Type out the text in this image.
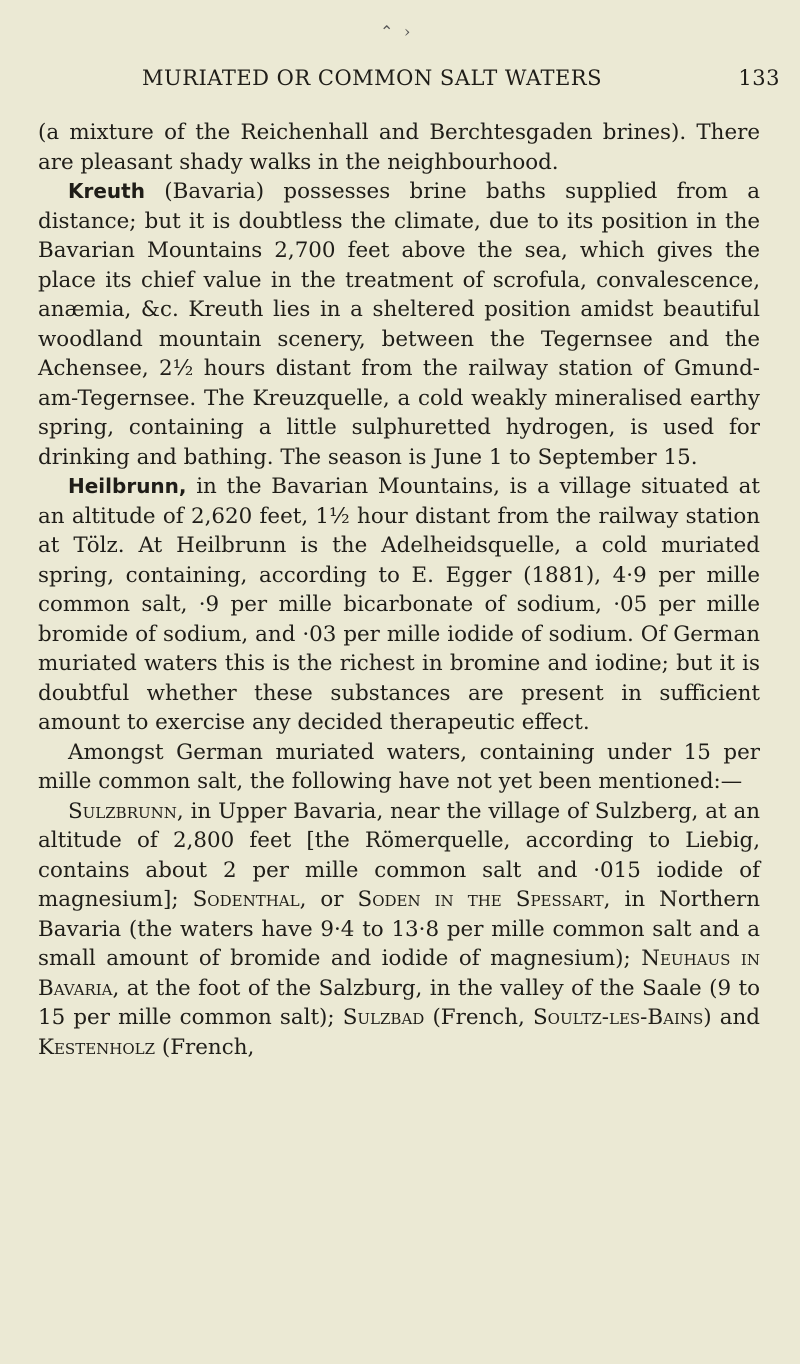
⌃ ›
MURIATED OR COMMON SALT WATERS	133

(a mixture of the Reichenhall and Berchtesgaden brines). There are pleasant shady walks in the neighbourhood.

Kreuth (Bavaria) possesses brine baths supplied from a distance; but it is doubtless the climate, due to its position in the Bavarian Mountains 2,700 feet above the sea, which gives the place its chief value in the treatment of scrofula, convalescence, anæmia, &c. Kreuth lies in a sheltered position amidst beautiful woodland mountain scenery, between the Tegernsee and the Achensee, 2½ hours distant from the railway station of Gmund-am-Tegernsee. The Kreuzquelle, a cold weakly mineralised earthy spring, containing a little sulphuretted hydrogen, is used for drinking and bathing. The season is June 1 to September 15.

Heilbrunn, in the Bavarian Mountains, is a village situated at an altitude of 2,620 feet, 1½ hour distant from the railway station at Tölz. At Heilbrunn is the Adelheidsquelle, a cold muriated spring, containing, according to E. Egger (1881), 4·9 per mille common salt, ·9 per mille bicarbonate of sodium, ·05 per mille bromide of sodium, and ·03 per mille iodide of sodium. Of German muriated waters this is the richest in bromine and iodine; but it is doubtful whether these substances are present in sufficient amount to exercise any decided therapeutic effect.

Amongst German muriated waters, containing under 15 per mille common salt, the following have not yet been mentioned:—

Sulzbrunn, in Upper Bavaria, near the village of Sulzberg, at an altitude of 2,800 feet [the Römerquelle, according to Liebig, contains about 2 per mille common salt and ·015 iodide of magnesium]; Sodenthal, or Soden in the Spessart, in Northern Bavaria (the waters have 9·4 to 13·8 per mille common salt and a small amount of bromide and iodide of magnesium); Neuhaus in Bavaria, at the foot of the Salzburg, in the valley of the Saale (9 to 15 per mille common salt); Sulzbad (French, Soultz-les-Bains) and Kestenholz (French,
